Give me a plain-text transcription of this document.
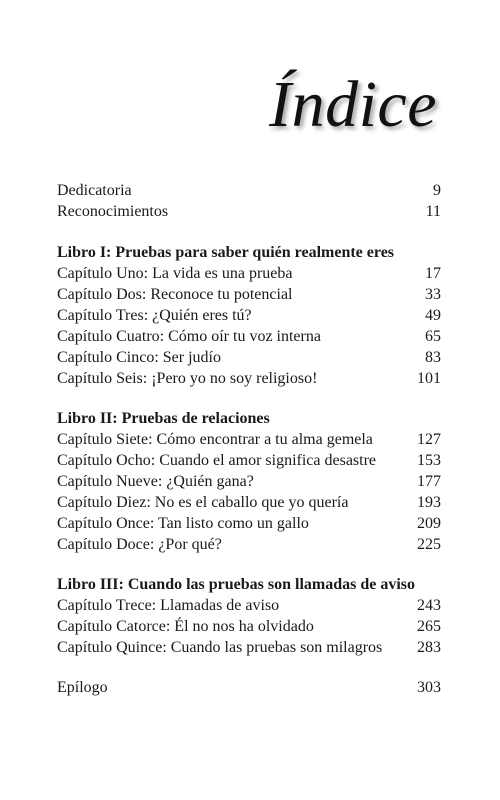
Índice
Dedicatoria	9
Reconocimientos	11
Libro I: Pruebas para saber quién realmente eres
Capítulo Uno: La vida es una prueba	17
Capítulo Dos: Reconoce tu potencial	33
Capítulo Tres: ¿Quién eres tú?	49
Capítulo Cuatro: Cómo oír tu voz interna	65
Capítulo Cinco: Ser judío	83
Capítulo Seis: ¡Pero yo no soy religioso!	101
Libro II: Pruebas de relaciones
Capítulo Siete: Cómo encontrar a tu alma gemela	127
Capítulo Ocho: Cuando el amor significa desastre	153
Capítulo Nueve: ¿Quién gana?	177
Capítulo Diez: No es el caballo que yo quería	193
Capítulo Once: Tan listo como un gallo	209
Capítulo Doce: ¿Por qué?	225
Libro III: Cuando las pruebas son llamadas de aviso
Capítulo Trece: Llamadas de aviso	243
Capítulo Catorce: Él no nos ha olvidado	265
Capítulo Quince: Cuando las pruebas son milagros 283
Epílogo	303
